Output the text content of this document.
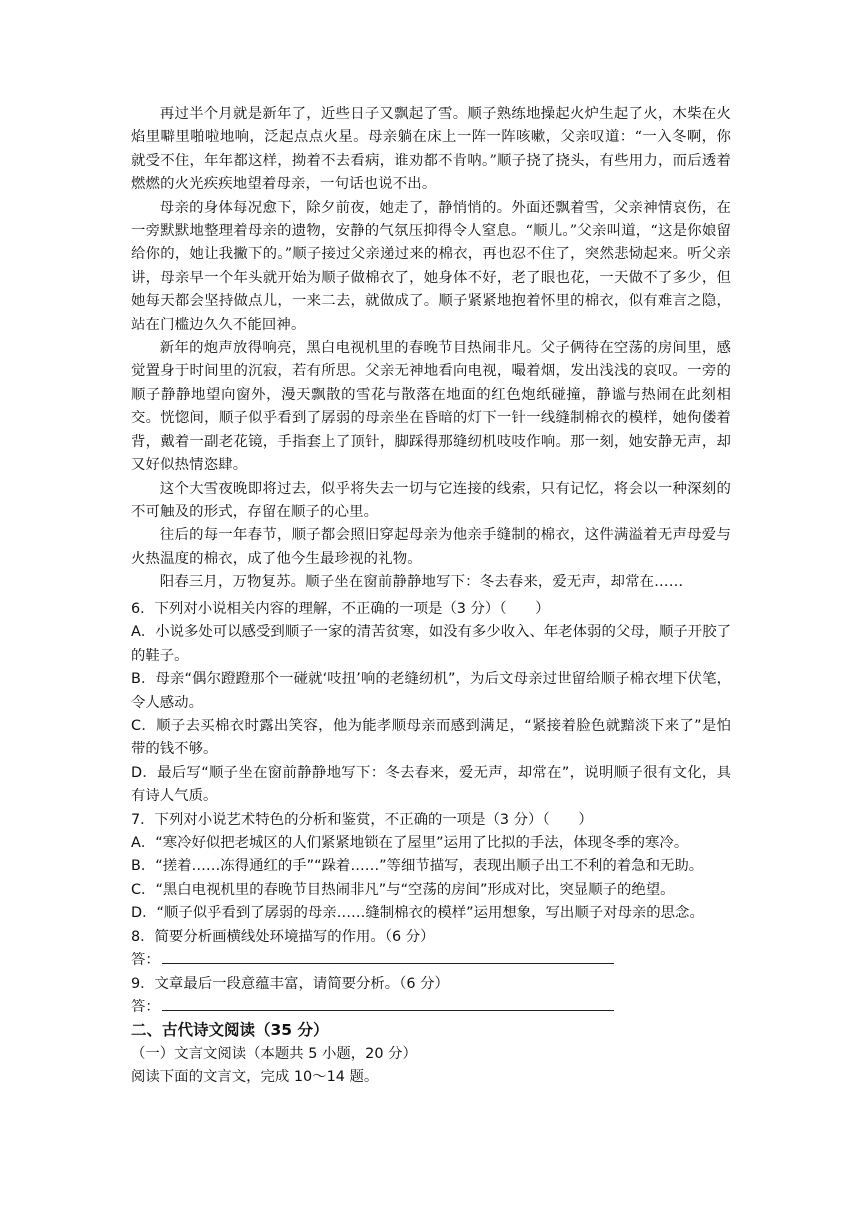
再过半个月就是新年了，近些日子又飘起了雪。顺子熟练地操起火炉生起了火，木柴在火焰里噼里啪啦地响，泛起点点火星。母亲躺在床上一阵一阵咳嗽，父亲叹道：“一入冬啊，你就受不住，年年都这样，拗着不去看病，谁劝都不肯呐。”顺子挠了挠头，有些用力，而后透着燃燃的火光疾疾地望着母亲，一句话也说不出。

母亲的身体每况愈下，除夕前夜，她走了，静悄悄的。外面还飘着雪，父亲神情哀伤，在一旁默默地整理着母亲的遗物，安静的气氛压抑得令人窒息。“顺儿。”父亲叫道，“这是你娘留给你的，她让我撇下的。”顺子接过父亲递过来的棉衣，再也忍不住了，突然悲恸起来。听父亲讲，母亲早一个年头就开始为顺子做棉衣了，她身体不好，老了眼也花，一天做不了多少，但她每天都会坚持做点儿，一来二去，就做成了。顺子紧紧地抱着怀里的棉衣，似有难言之隐，站在门槛边久久不能回神。

新年的炮声放得响亮，黑白电视机里的春晚节目热闹非凡。父子俩待在空荡的房间里，感觉置身于时间里的沉寂，若有所思。父亲无神地看向电视，嘬着烟，发出浅浅的哀叹。一旁的顺子静静地望向窗外，漫天飘散的雪花与散落在地面的红色炮纸碰撞，静谧与热闹在此刻相交。恍惚间，顺子似乎看到了孱弱的母亲坐在昏暗的灯下一针一线缝制棉衣的模样，她佝偻着背，戴着一副老花镜，手指套上了顶针，脚踩得那缝纫机吱吱作响。那一刻，她安静无声，却又好似热情恣肆。

这个大雪夜晚即将过去，似乎将失去一切与它连接的线索，只有记忆，将会以一种深刻的不可触及的形式，存留在顺子的心里。

往后的每一年春节，顺子都会照旧穿起母亲为他亲手缝制的棉衣，这件满溢着无声母爱与火热温度的棉衣，成了他今生最珍视的礼物。

阳春三月，万物复苏。顺子坐在窗前静静地写下：冬去春来，爱无声，却常在……

6．下列对小说相关内容的理解，不正确的一项是（3 分）（　　）

A．小说多处可以感受到顺子一家的清苦贫寒，如没有多少收入、年老体弱的父母，顺子开胶了的鞋子。

B．母亲“偶尔蹬蹬那个一碰就‘吱扭’响的老缝纫机”，为后文母亲过世留给顺子棉衣埋下伏笔，令人感动。

C．顺子去买棉衣时露出笑容，他为能孝顺母亲而感到满足，“紧接着脸色就黯淡下来了”是怕带的钱不够。

D．最后写“顺子坐在窗前静静地写下：冬去春来，爱无声，却常在”，说明顺子很有文化，具有诗人气质。

7．下列对小说艺术特色的分析和鉴赏，不正确的一项是（3 分）（　　）

A．“寒冷好似把老城区的人们紧紧地锁在了屋里”运用了比拟的手法，体现冬季的寒冷。

B．“搓着……冻得通红的手”“跺着……”等细节描写，表现出顺子出工不利的着急和无助。

C．“黑白电视机里的春晚节目热闹非凡”与“空荡的房间”形成对比，突显顺子的绝望。

D．“顺子似乎看到了孱弱的母亲……缝制棉衣的模样”运用想象，写出顺子对母亲的思念。

8．简要分析画横线处环境描写的作用。（6 分）

答：

9．文章最后一段意蕴丰富，请简要分析。（6 分）

答：

二、古代诗文阅读（35 分）

（一）文言文阅读（本题共 5 小题，20 分）

阅读下面的文言文，完成 10～14 题。
